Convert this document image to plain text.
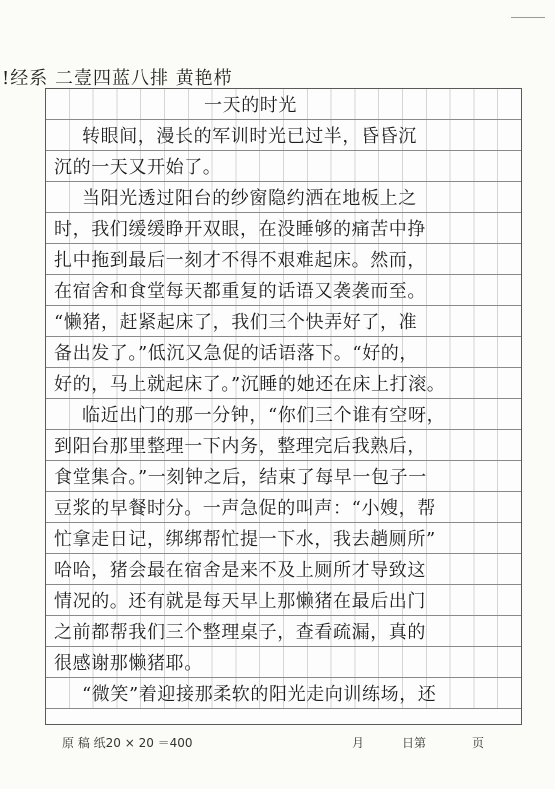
!经系 二壹四蓝八排 黄艳栉
一天的时光
转眼间，漫长的军训时光已过半，昏昏沉
沉的一天又开始了。
当阳光透过阳台的纱窗隐约洒在地板上之
时，我们缓缓睁开双眼，在没睡够的痛苦中挣
扎中拖到最后一刻才不得不艰难起床。然而，
在宿舍和食堂每天都重复的话语又袭袭而至。
“懒猪，赶紧起床了，我们三个快弄好了，准
备出发了。”低沉又急促的话语落下。“好的，
好的，马上就起床了。”沉睡的她还在床上打滚。
临近出门的那一分钟，“你们三个谁有空呀，
到阳台那里整理一下内务，整理完后我熟后，
食堂集合。”一刻钟之后，结束了每早一包子一
豆浆的早餐时分。一声急促的叫声：“小嫂，帮
忙拿走日记，绑绑帮忙提一下水，我去趟厕所”
哈哈，猪会最在宿舍是来不及上厕所才导致这
情况的。还有就是每天早上那懒猪在最后出门
之前都帮我们三个整理桌子，查看疏漏，真的
很感谢那懒猪耶。
“微笑”着迎接那柔软的阳光走向训练场，还
原 稿 纸20 × 20 ＝400	月	日第	页
